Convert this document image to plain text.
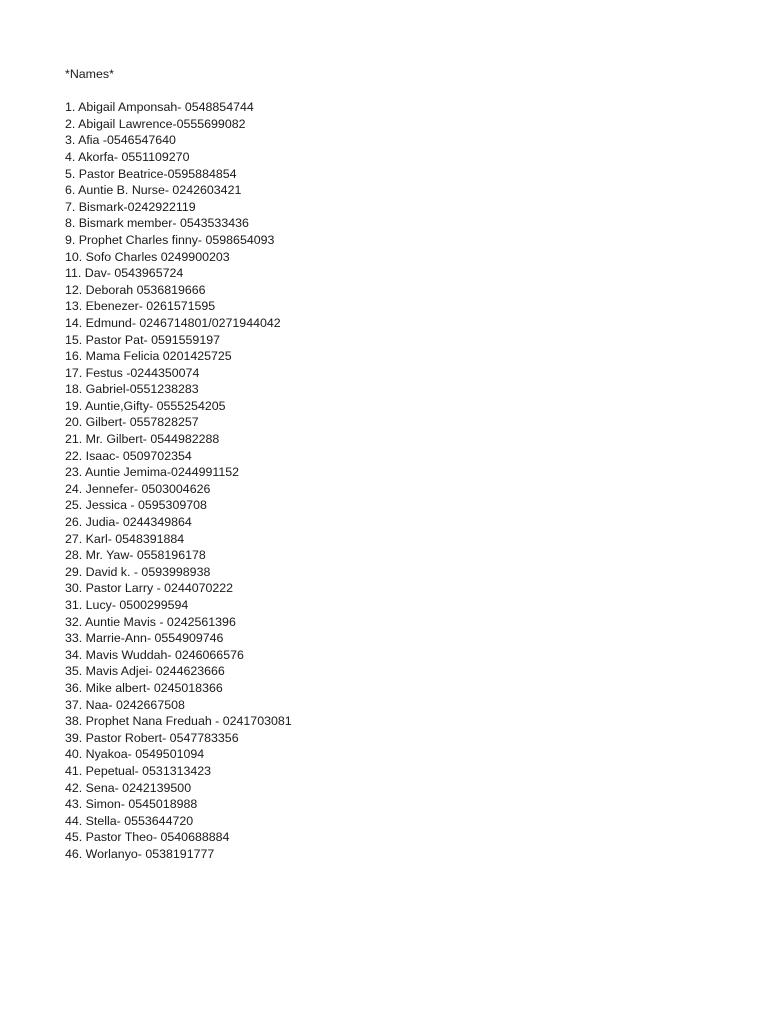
*Names*
1. Abigail Amponsah- 0548854744
2. Abigail Lawrence-0555699082
3. Afia -0546547640
4. Akorfa- 0551109270
5. Pastor Beatrice-0595884854
6. Auntie B. Nurse- 0242603421
7. Bismark-0242922119
8. Bismark member- 0543533436
9. Prophet Charles finny- 0598654093
10. Sofo Charles 0249900203
11. Dav- 0543965724
12. Deborah 0536819666
13. Ebenezer- 0261571595
14. Edmund- 0246714801/0271944042
15. Pastor Pat- 0591559197
16. Mama Felicia 0201425725
17. Festus -0244350074
18. Gabriel-0551238283
19. Auntie,Gifty- 0555254205
20. Gilbert- 0557828257
21. Mr. Gilbert- 0544982288
22. Isaac- 0509702354
23. Auntie Jemima-0244991152
24. Jennefer- 0503004626
25. Jessica - 0595309708
26. Judia- 0244349864
27. Karl- 0548391884
28. Mr. Yaw- 0558196178
29. David k. - 0593998938
30. Pastor Larry - 0244070222
31. Lucy- 0500299594
32. Auntie Mavis - 0242561396
33. Marrie-Ann- 0554909746
34. Mavis Wuddah- 0246066576
35. Mavis Adjei- 0244623666
36. Mike albert- 0245018366
37. Naa- 0242667508
38. Prophet Nana Freduah - 0241703081
39. Pastor Robert- 0547783356
40. Nyakoa- 0549501094
41. Pepetual- 0531313423
42. Sena- 0242139500
43. Simon- 0545018988
44. Stella- 0553644720
45. Pastor Theo- 0540688884
46. Worlanyo- 0538191777
